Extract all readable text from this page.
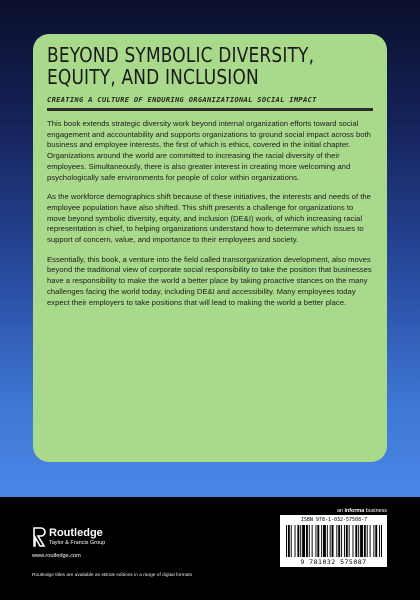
BEYOND SYMBOLIC DIVERSITY,
EQUITY, AND INCLUSION
CREATING A CULTURE OF ENDURING ORGANIZATIONAL SOCIAL IMPACT

This book extends strategic diversity work beyond internal organization efforts toward social engagement and accountability and supports organizations to ground social impact across both business and employee interests, the first of which is ethics, covered in the initial chapter. Organizations around the world are committed to increasing the racial diversity of their employees. Simultaneously, there is also greater interest in creating more welcoming and psychologically safe environments for people of color within organizations.

As the workforce demographics shift because of these initiatives, the interests and needs of the employee population have also shifted. This shift presents a challenge for organizations to move beyond symbolic diversity, equity, and inclusion (DE&I) work, of which increasing racial representation is chief, to helping organizations understand how to determine which issues to support of concern, value, and importance to their employees and society.

Essentially, this book, a venture into the field called transorganization development, also moves beyond the traditional view of corporate social responsibility to take the position that businesses have a responsibility to make the world a better place by taking proactive stances on the many challenges facing the world today, including DE&I and accessibility. Many employees today expect their employers to take positions that will lead to making the world a better place.

Routledge
Taylor & Francis Group
www.routledge.com
Routledge titles are available as eBook editions in a range of digital formats
an informa business
ISBN 978-1-032-57508-7
9 781032 575087
